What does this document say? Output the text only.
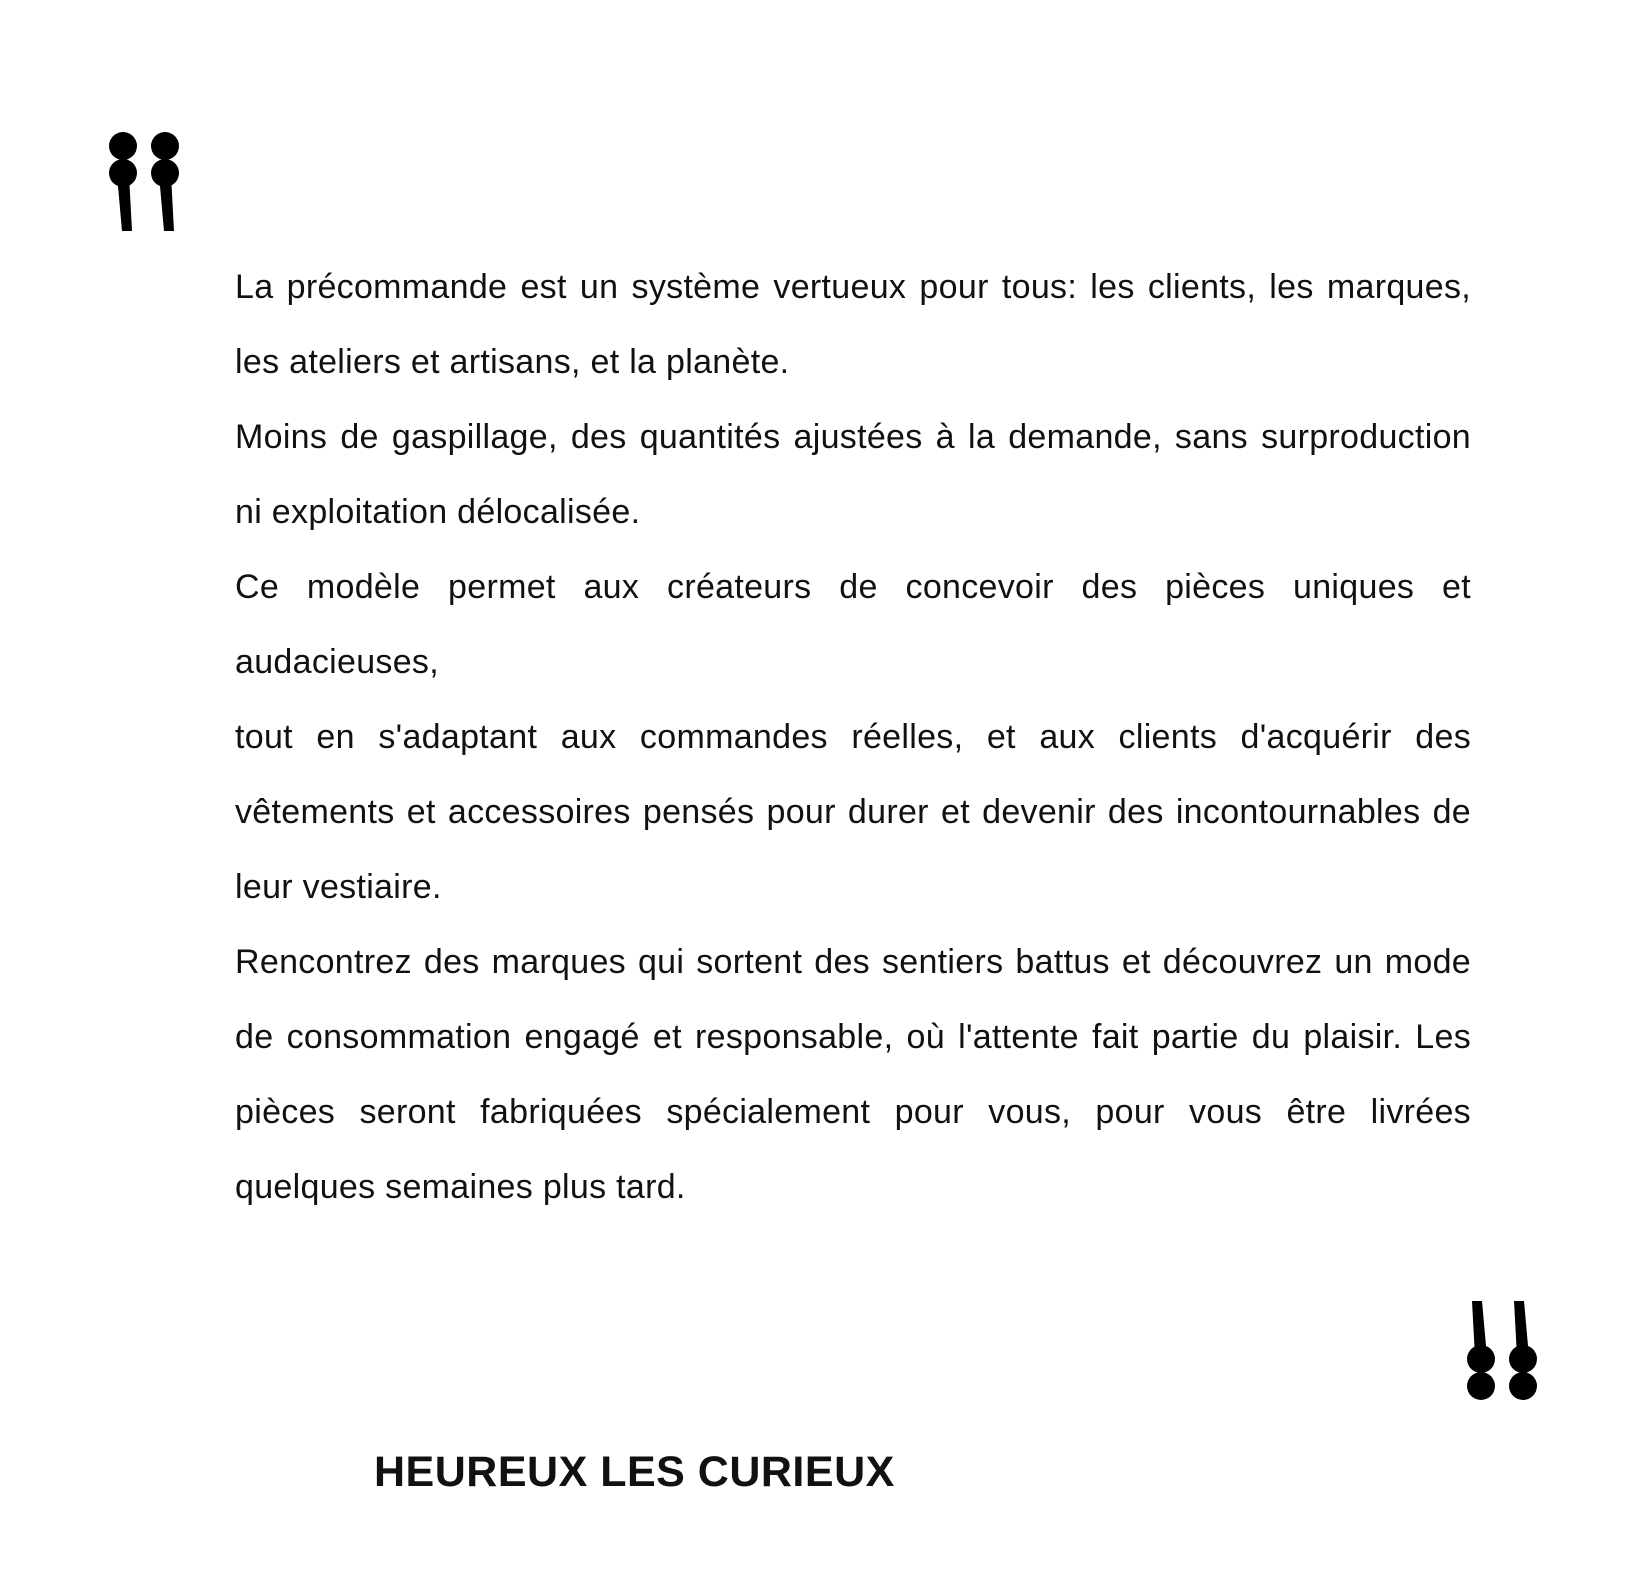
La précommande est un système vertueux pour tous: les clients, les marques, les ateliers et artisans, et la planète.

Moins de gaspillage, des quantités ajustées à la demande, sans surproduction ni exploitation délocalisée.

Ce modèle permet aux créateurs de concevoir des pièces uniques et audacieuses,

tout en s'adaptant aux commandes réelles, et aux clients d'acquérir des vêtements et accessoires pensés pour durer et devenir des incontournables de leur vestiaire.

Rencontrez des marques qui sortent des sentiers battus et découvrez un mode de consommation engagé et responsable, où l'attente fait partie du plaisir. Les pièces seront fabriquées spécialement pour vous, pour vous être livrées quelques semaines plus tard.

HEUREUX LES CURIEUX
